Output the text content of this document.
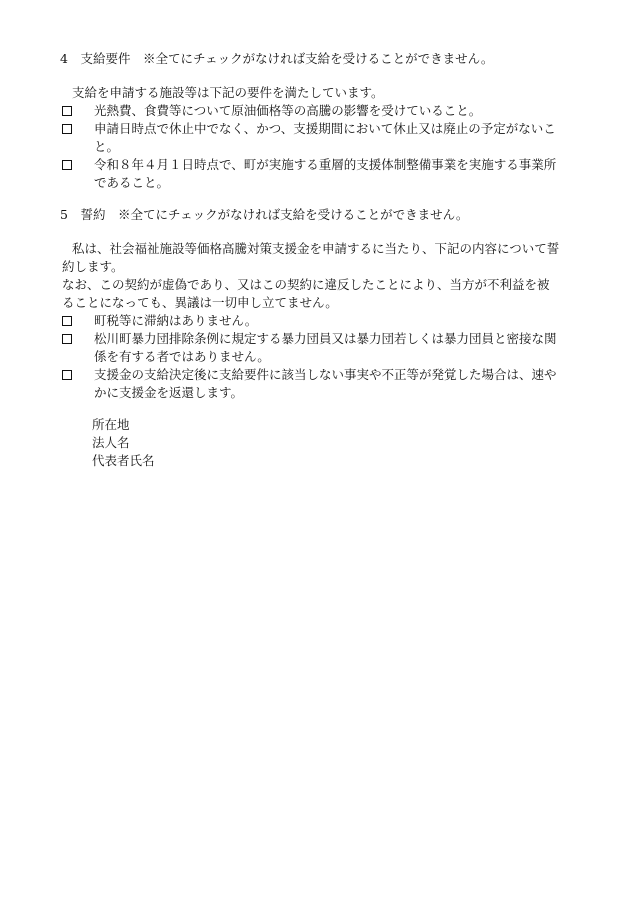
4　支給要件　※全てにチェックがなければ支給を受けることができません。
支給を申請する施設等は下記の要件を満たしています。
光熱費、食費等について原油価格等の高騰の影響を受けていること。
申請日時点で休止中でなく、かつ、支援期間において休止又は廃止の予定がないこ
と。
令和８年４月１日時点で、町が実施する重層的支援体制整備事業を実施する事業所
であること。
5　誓約　※全てにチェックがなければ支給を受けることができません。
私は、社会福祉施設等価格高騰対策支援金を申請するに当たり、下記の内容について誓
約します。
なお、この契約が虚偽であり、又はこの契約に違反したことにより、当方が不利益を被
ることになっても、異議は一切申し立てません。
町税等に滞納はありません。
松川町暴力団排除条例に規定する暴力団員又は暴力団若しくは暴力団員と密接な関
係を有する者ではありません。
支援金の支給決定後に支給要件に該当しない事実や不正等が発覚した場合は、速や
かに支援金を返還します。
所在地
法人名
代表者氏名
